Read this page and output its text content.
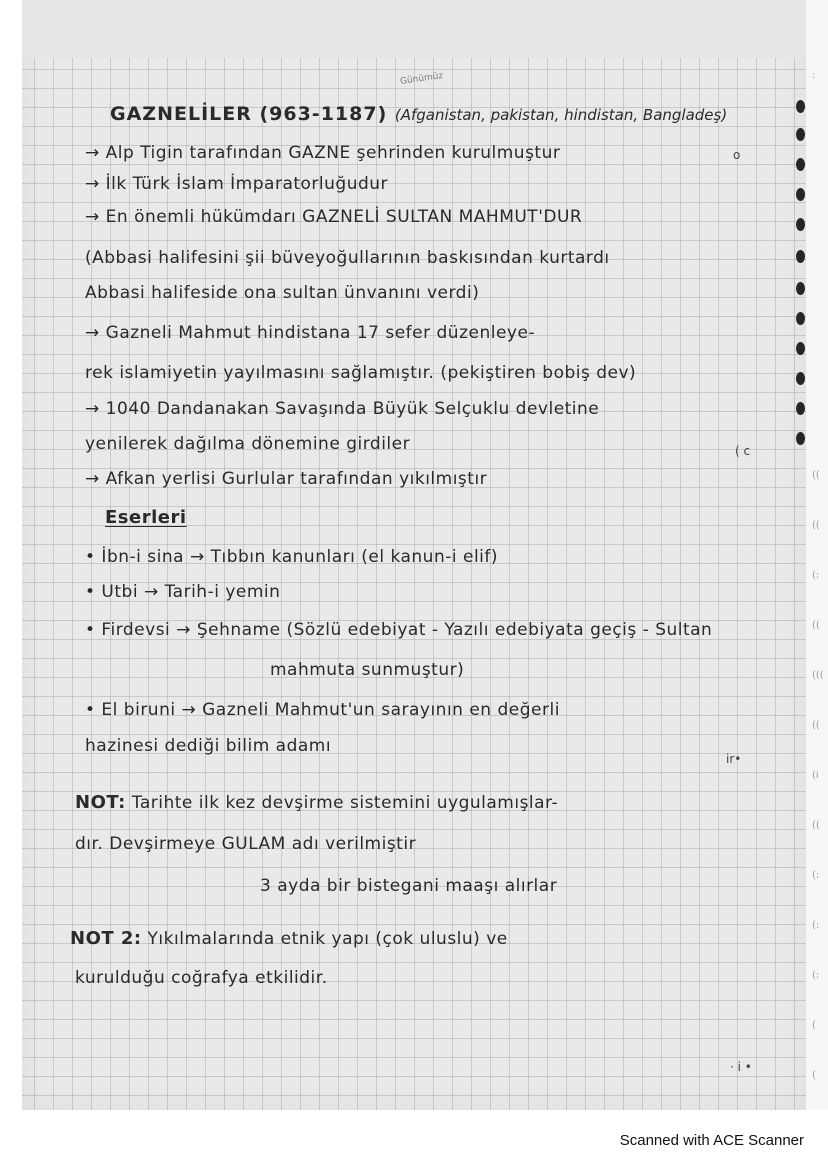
:
((
((
(:
((
(((
((
(i
((
(:
(:
(:
(
(
Günümüz
GAZNELİLER (963-1187) (Afganistan, pakistan, hindistan, Bangladeş)
→ Alp Tigin tarafından GAZNE şehrinden kurulmuştur
→ İlk Türk İslam İmparatorluğudur
→ En önemli hükümdarı GAZNELİ SULTAN MAHMUT'DUR
(Abbasi halifesini şii büveyoğullarının baskısından kurtardı
Abbasi halifeside ona sultan ünvanını verdi)
→ Gazneli Mahmut hindistana 17 sefer düzenleye-
rek islamiyetin yayılmasını sağlamıştır. (pekiştiren bobiş dev)
→ 1040 Dandanakan Savaşında Büyük Selçuklu devletine
yenilerek dağılma dönemine girdiler
→ Afkan yerlisi Gurlular tarafından yıkılmıştır
o
( c
Eserleri
• İbn-i sina → Tıbbın kanunları (el kanun-i elif)
• Utbi → Tarih-i yemin
• Firdevsi → Şehname (Sözlü edebiyat - Yazılı edebiyata geçiş - Sultan
mahmuta sunmuştur)
• El biruni → Gazneli Mahmut'un sarayının en değerli
hazinesi dediği bilim adamı
ir•
NOT: Tarihte ilk kez devşirme sistemini uygulamışlar-
dır. Devşirmeye GULAM adı verilmiştir
3 ayda bir bistegani maaşı alırlar
NOT 2: Yıkılmalarında etnik yapı (çok uluslu) ve
kurulduğu coğrafya etkilidir.
· i •
Scanned with ACE Scanner
